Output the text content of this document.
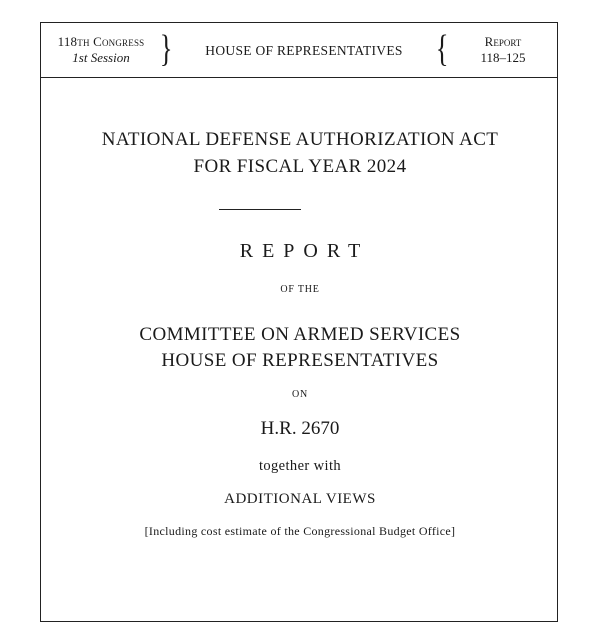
118th Congress
1st Session }	HOUSE OF REPRESENTATIVES {	Report
118–125
NATIONAL DEFENSE AUTHORIZATION ACT
FOR FISCAL YEAR 2024
REPORT
OF THE
COMMITTEE ON ARMED SERVICES
HOUSE OF REPRESENTATIVES
ON
H.R. 2670
together with
ADDITIONAL VIEWS
[Including cost estimate of the Congressional Budget Office]
